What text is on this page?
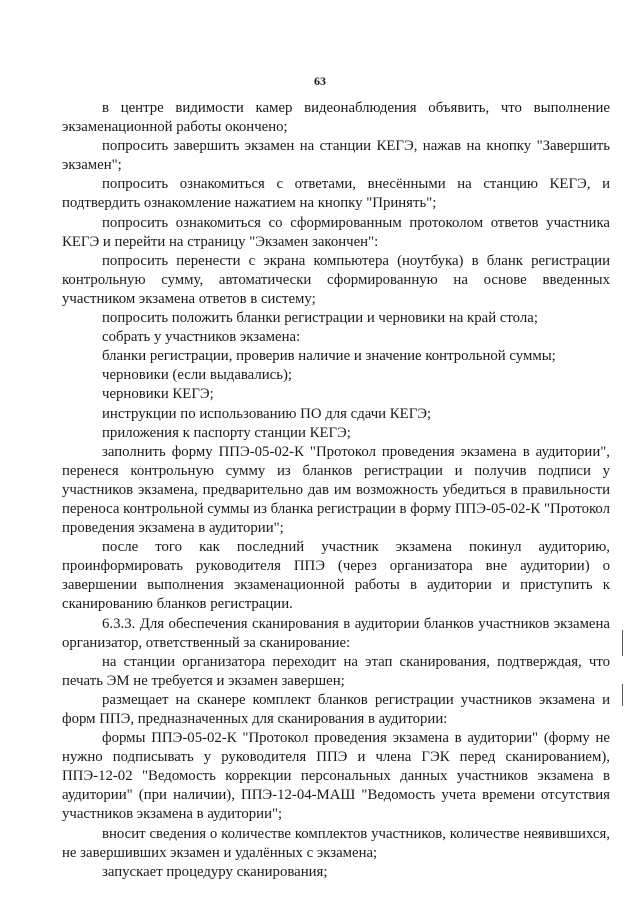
63

в центре видимости камер видеонаблюдения объявить, что выполнение экзаменационной работы окончено;

попросить завершить экзамен на станции КЕГЭ, нажав на кнопку "Завершить экзамен";

попросить ознакомиться с ответами, внесёнными на станцию КЕГЭ, и подтвердить ознакомление нажатием на кнопку "Принять";

попросить ознакомиться со сформированным протоколом ответов участника КЕГЭ и перейти на страницу "Экзамен закончен":

попросить перенести с экрана компьютера (ноутбука) в бланк регистрации контрольную сумму, автоматически сформированную на основе введенных участником экзамена ответов в систему;

попросить положить бланки регистрации и черновики на край стола;

собрать у участников экзамена:

бланки регистрации, проверив наличие и значение контрольной суммы;

черновики (если выдавались);

черновики КЕГЭ;

инструкции по использованию ПО для сдачи КЕГЭ;

приложения к паспорту станции КЕГЭ;

заполнить форму ППЭ-05-02-К "Протокол проведения экзамена в аудитории", перенеся контрольную сумму из бланков регистрации и получив подписи у участников экзамена, предварительно дав им возможность убедиться в правильности переноса контрольной суммы из бланка регистрации в форму ППЭ-05-02-К "Протокол проведения экзамена в аудитории";

после того как последний участник экзамена покинул аудиторию, проинформировать руководителя ППЭ (через организатора вне аудитории) о завершении выполнения экзаменационной работы в аудитории и приступить к сканированию бланков регистрации.

6.3.3. Для обеспечения сканирования в аудитории бланков участников экзамена организатор, ответственный за сканирование:

на станции организатора переходит на этап сканирования, подтверждая, что печать ЭМ не требуется и экзамен завершен;

размещает на сканере комплект бланков регистрации участников экзамена и форм ППЭ, предназначенных для сканирования в аудитории:

формы ППЭ-05-02-К "Протокол проведения экзамена в аудитории" (форму не нужно подписывать у руководителя ППЭ и члена ГЭК перед сканированием), ППЭ-12-02 "Ведомость коррекции персональных данных участников экзамена в аудитории" (при наличии), ППЭ-12-04-МАШ "Ведомость учета времени отсутствия участников экзамена в аудитории";

вносит сведения о количестве комплектов участников, количестве неявившихся, не завершивших экзамен и удалённых с экзамена;

запускает процедуру сканирования;
